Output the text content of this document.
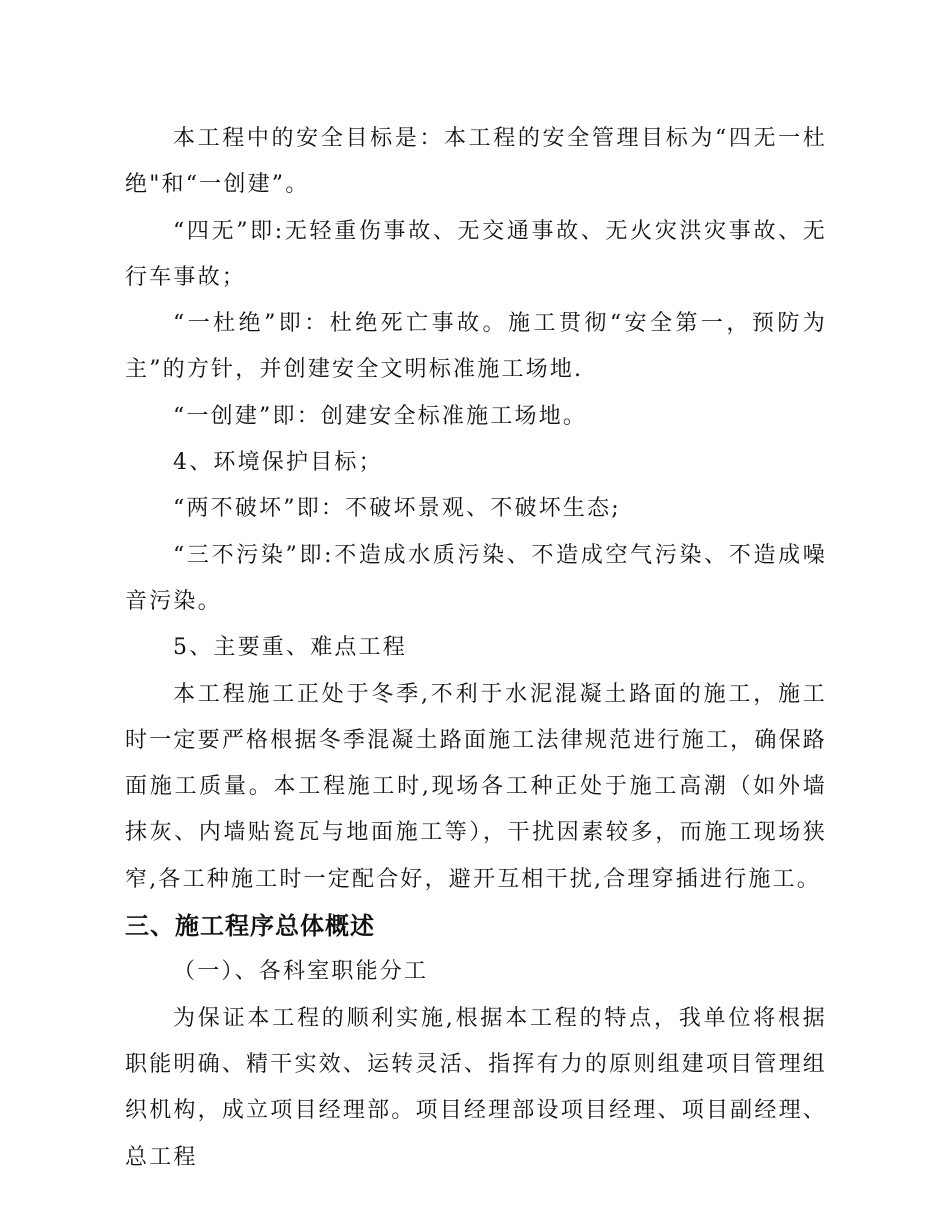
本工程中的安全目标是：本工程的安全管理目标为“四无一杜绝"和“一创建”。

“四无”即:无轻重伤事故、无交通事故、无火灾洪灾事故、无行车事故；

“一杜绝”即：杜绝死亡事故。施工贯彻“安全第一，预防为主”的方针，并创建安全文明标准施工场地.

“一创建”即：创建安全标准施工场地。

4、环境保护目标；

“两不破坏”即：不破坏景观、不破坏生态;

“三不污染”即:不造成水质污染、不造成空气污染、不造成噪音污染。

5、主要重、难点工程

本工程施工正处于冬季,不利于水泥混凝土路面的施工，施工时一定要严格根据冬季混凝土路面施工法律规范进行施工，确保路面施工质量。本工程施工时,现场各工种正处于施工高潮（如外墙抹灰、内墙贴瓷瓦与地面施工等），干扰因素较多，而施工现场狭窄,各工种施工时一定配合好，避开互相干扰,合理穿插进行施工。

三、施工程序总体概述

（一）、各科室职能分工

为保证本工程的顺利实施,根据本工程的特点，我单位将根据职能明确、精干实效、运转灵活、指挥有力的原则组建项目管理组织机构，成立项目经理部。项目经理部设项目经理、项目副经理、总工程
